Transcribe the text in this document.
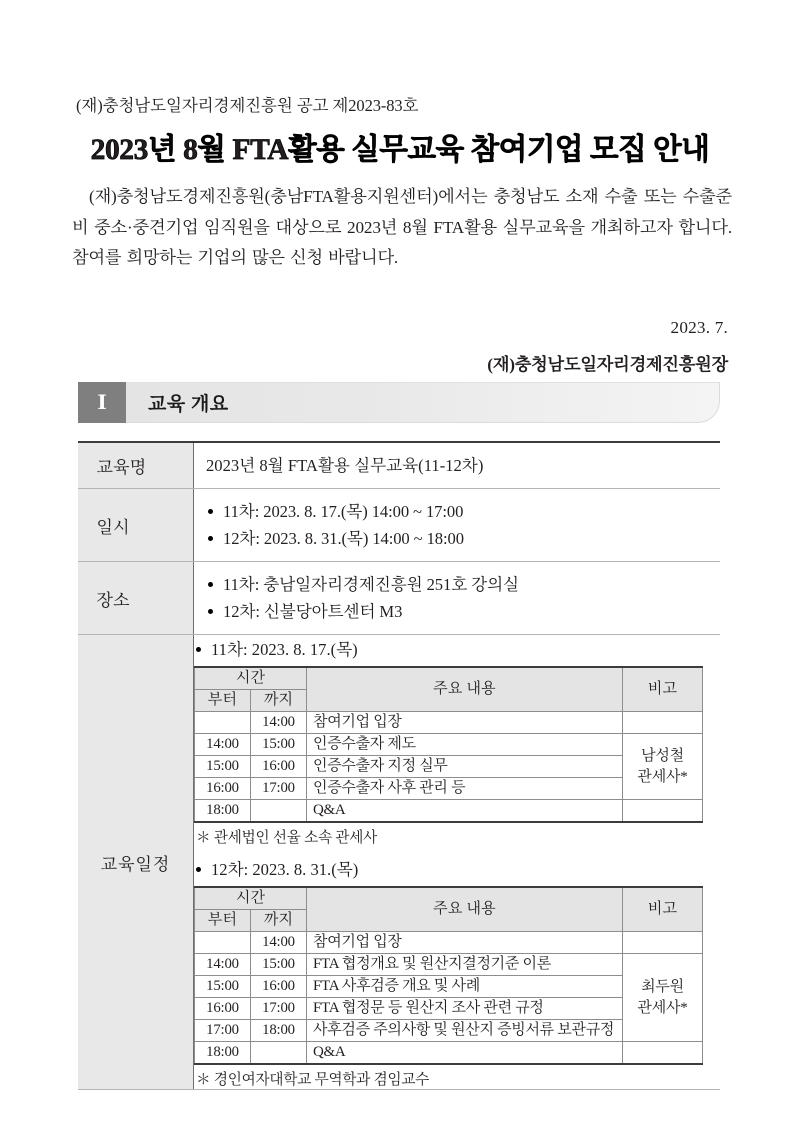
(재)충청남도일자리경제진흥원 공고 제2023-83호
2023년 8월 FTA활용 실무교육 참여기업 모집 안내
(재)충청남도경제진흥원(충남FTA활용지원센터)에서는 충청남도 소재 수출 또는 수출준비 중소·중견기업 임직원을 대상으로 2023년 8월 FTA활용 실무교육을 개최하고자 합니다. 참여를 희망하는 기업의 많은 신청 바랍니다.
2023. 7.
(재)충청남도일자리경제진흥원장
Ⅰ	교육 개요
교육명	2023년 8월 FTA활용 실무교육(11-12차)
일시	
11차: 2023. 8. 17.(목) 14:00 ~ 17:00
12차: 2023. 8. 31.(목) 14:00 ~ 18:00

장소	
11차: 충남일자리경제진흥원 251호 강의실
12차: 신불당아트센터 M3

교육일정	
11차: 2023. 8. 17.(목)
시간	주요 내용	비고
부터	까지
	14:00	참여기업 입장	
14:00	15:00	인증수출자 제도	남성철
관세사*
15:00	16:00	인증수출자 지정 실무
16:00	17:00	인증수출자 사후 관리 등
18:00		Q&A	
＊ 관세법인 선율 소속 관세사
12차: 2023. 8. 31.(목)
시간	주요 내용	비고
부터	까지
	14:00	참여기업 입장	
14:00	15:00	FTA 협정개요 및 원산지결정기준 이론	최두원
관세사*
15:00	16:00	FTA 사후검증 개요 및 사례
16:00	17:00	FTA 협정문 등 원산지 조사 관련 규정
17:00	18:00	사후검증 주의사항 및 원산지 증빙서류 보관규정
18:00		Q&A	
＊ 경인여자대학교 무역학과 겸임교수
